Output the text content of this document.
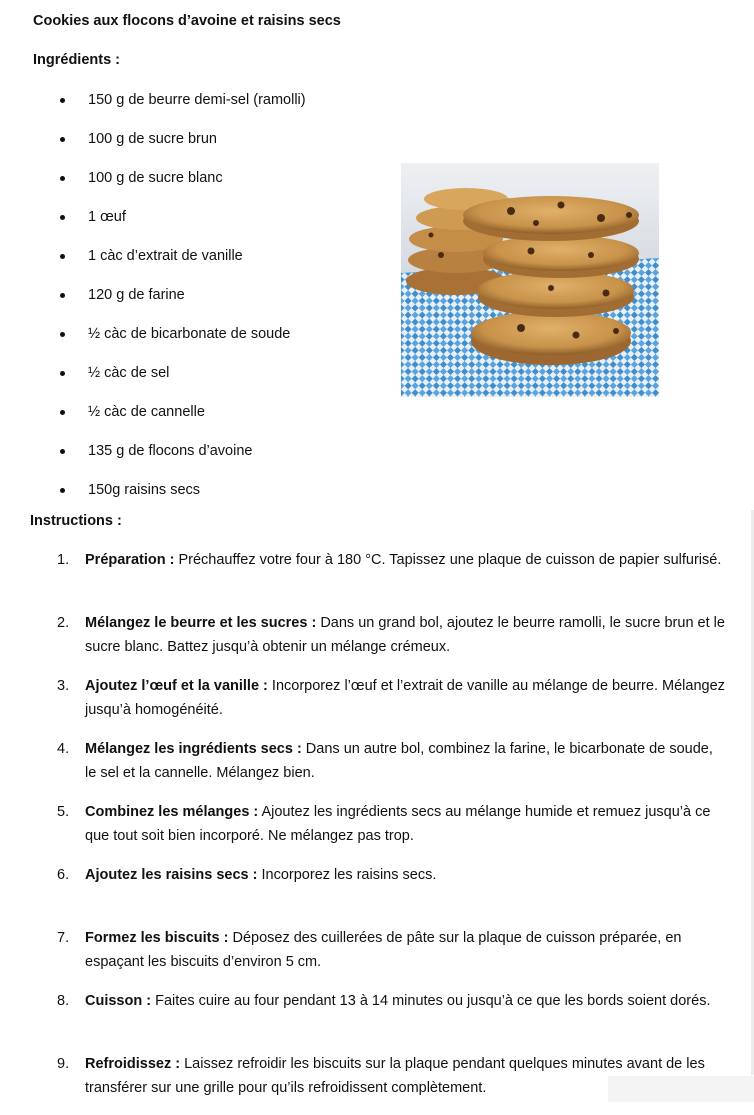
Cookies aux flocons d’avoine et raisins secs
Ingrédients :
150 g de beurre demi-sel (ramolli)
100 g de sucre brun
100 g de sucre blanc
1 œuf
1 càc d’extrait de vanille
120 g de farine
½ càc de bicarbonate de soude
½ càc de sel
½ càc de cannelle
135 g de flocons d’avoine
150g raisins secs
Instructions :
1. Préparation : Préchauffez votre four à 180 °C. Tapissez une plaque de cuisson de papier sulfurisé.
2. Mélangez le beurre et les sucres : Dans un grand bol, ajoutez le beurre ramolli, le sucre brun et le sucre blanc. Battez jusqu’à obtenir un mélange crémeux.
3. Ajoutez l’œuf et la vanille : Incorporez l’œuf et l’extrait de vanille au mélange de beurre. Mélangez jusqu’à homogénéité.
4. Mélangez les ingrédients secs : Dans un autre bol, combinez la farine, le bicarbonate de soude, le sel et la cannelle. Mélangez bien.
5. Combinez les mélanges : Ajoutez les ingrédients secs au mélange humide et remuez jusqu’à ce que tout soit bien incorporé. Ne mélangez pas trop.
6. Ajoutez les raisins secs : Incorporez les raisins secs.
7. Formez les biscuits : Déposez des cuillerées de pâte sur la plaque de cuisson préparée, en espaçant les biscuits d’environ 5 cm.
8. Cuisson : Faites cuire au four pendant 13 à 14 minutes ou jusqu’à ce que les bords soient dorés.
9. Refroidissez : Laissez refroidir les biscuits sur la plaque pendant quelques minutes avant de les transférer sur une grille pour qu’ils refroidissent complètement.
